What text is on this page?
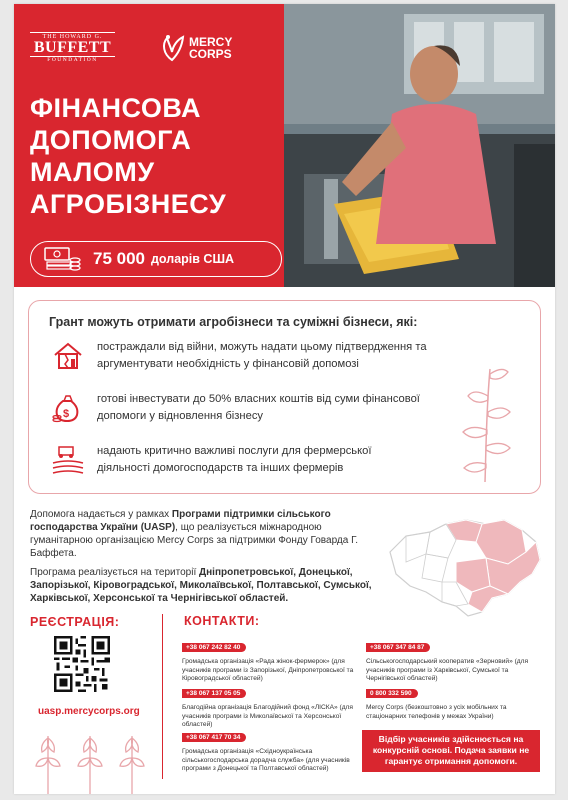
THE HOWARD G.
BUFFETT
FOUNDATION
MERCY
CORPS
ФІНАНСОВА
ДОПОМОГА
МАЛОМУ
АГРОБІЗНЕСУ
75 000 доларів США
Грант можуть отримати агробізнеси та суміжні бізнеси, які:
постраждали від війни, можуть надати цьому підтвердження та аргументувати необхідність у фінансовій допомозі
$
готові інвестувати до 50% власних коштів від суми фінансової допомоги у відновлення бізнесу
надають критично важливі послуги для фермерської діяльності домогосподарств та інших фермерів

Допомога надається у рамках Програми підтримки сільського господарства України (UASP), що реалізується міжнародною гуманітарною організацією Mercy Corps за підтримки Фонду Говарда Г. Баффета.

Програма реалізується на території Дніпропетровської, Донецької, Запорізької, Кіровоградської, Миколаївської, Полтавської, Сумської, Харківської, Херсонської та Чернігівської областей.

РЕЄСТРАЦІЯ:
uasp.mercycorps.org
КОНТАКТИ:
+38 067 242 82 40
Громадська організація «Рада жінок-фермерок» (для учасників програми із Запорізької, Дніпропетровської та Кіровоградської областей)
+38 067 347 84 87
Сільськогосподарський кооператив «Зерновий» (для учасників програми із Харківської, Сумської та Чернігівської областей)
+38 067 137 05 05
Благодійна організація Благодійний фонд «ЛІСКА» (для учасників програми із Миколаївської та Херсонської областей)
0 800 332 590
Mercy Corps (безкоштовно з усіх мобільних та стаціонарних телефонів у межах України)
+38 067 417 70 34
Громадська організація «Східноукраїнська сільськогосподарська дорадча служба» (для учасників програми з Донецької та Полтавської областей)
Відбір учасників здійснюється на конкурсній основі. Подача заявки не гарантує отримання допомоги.
